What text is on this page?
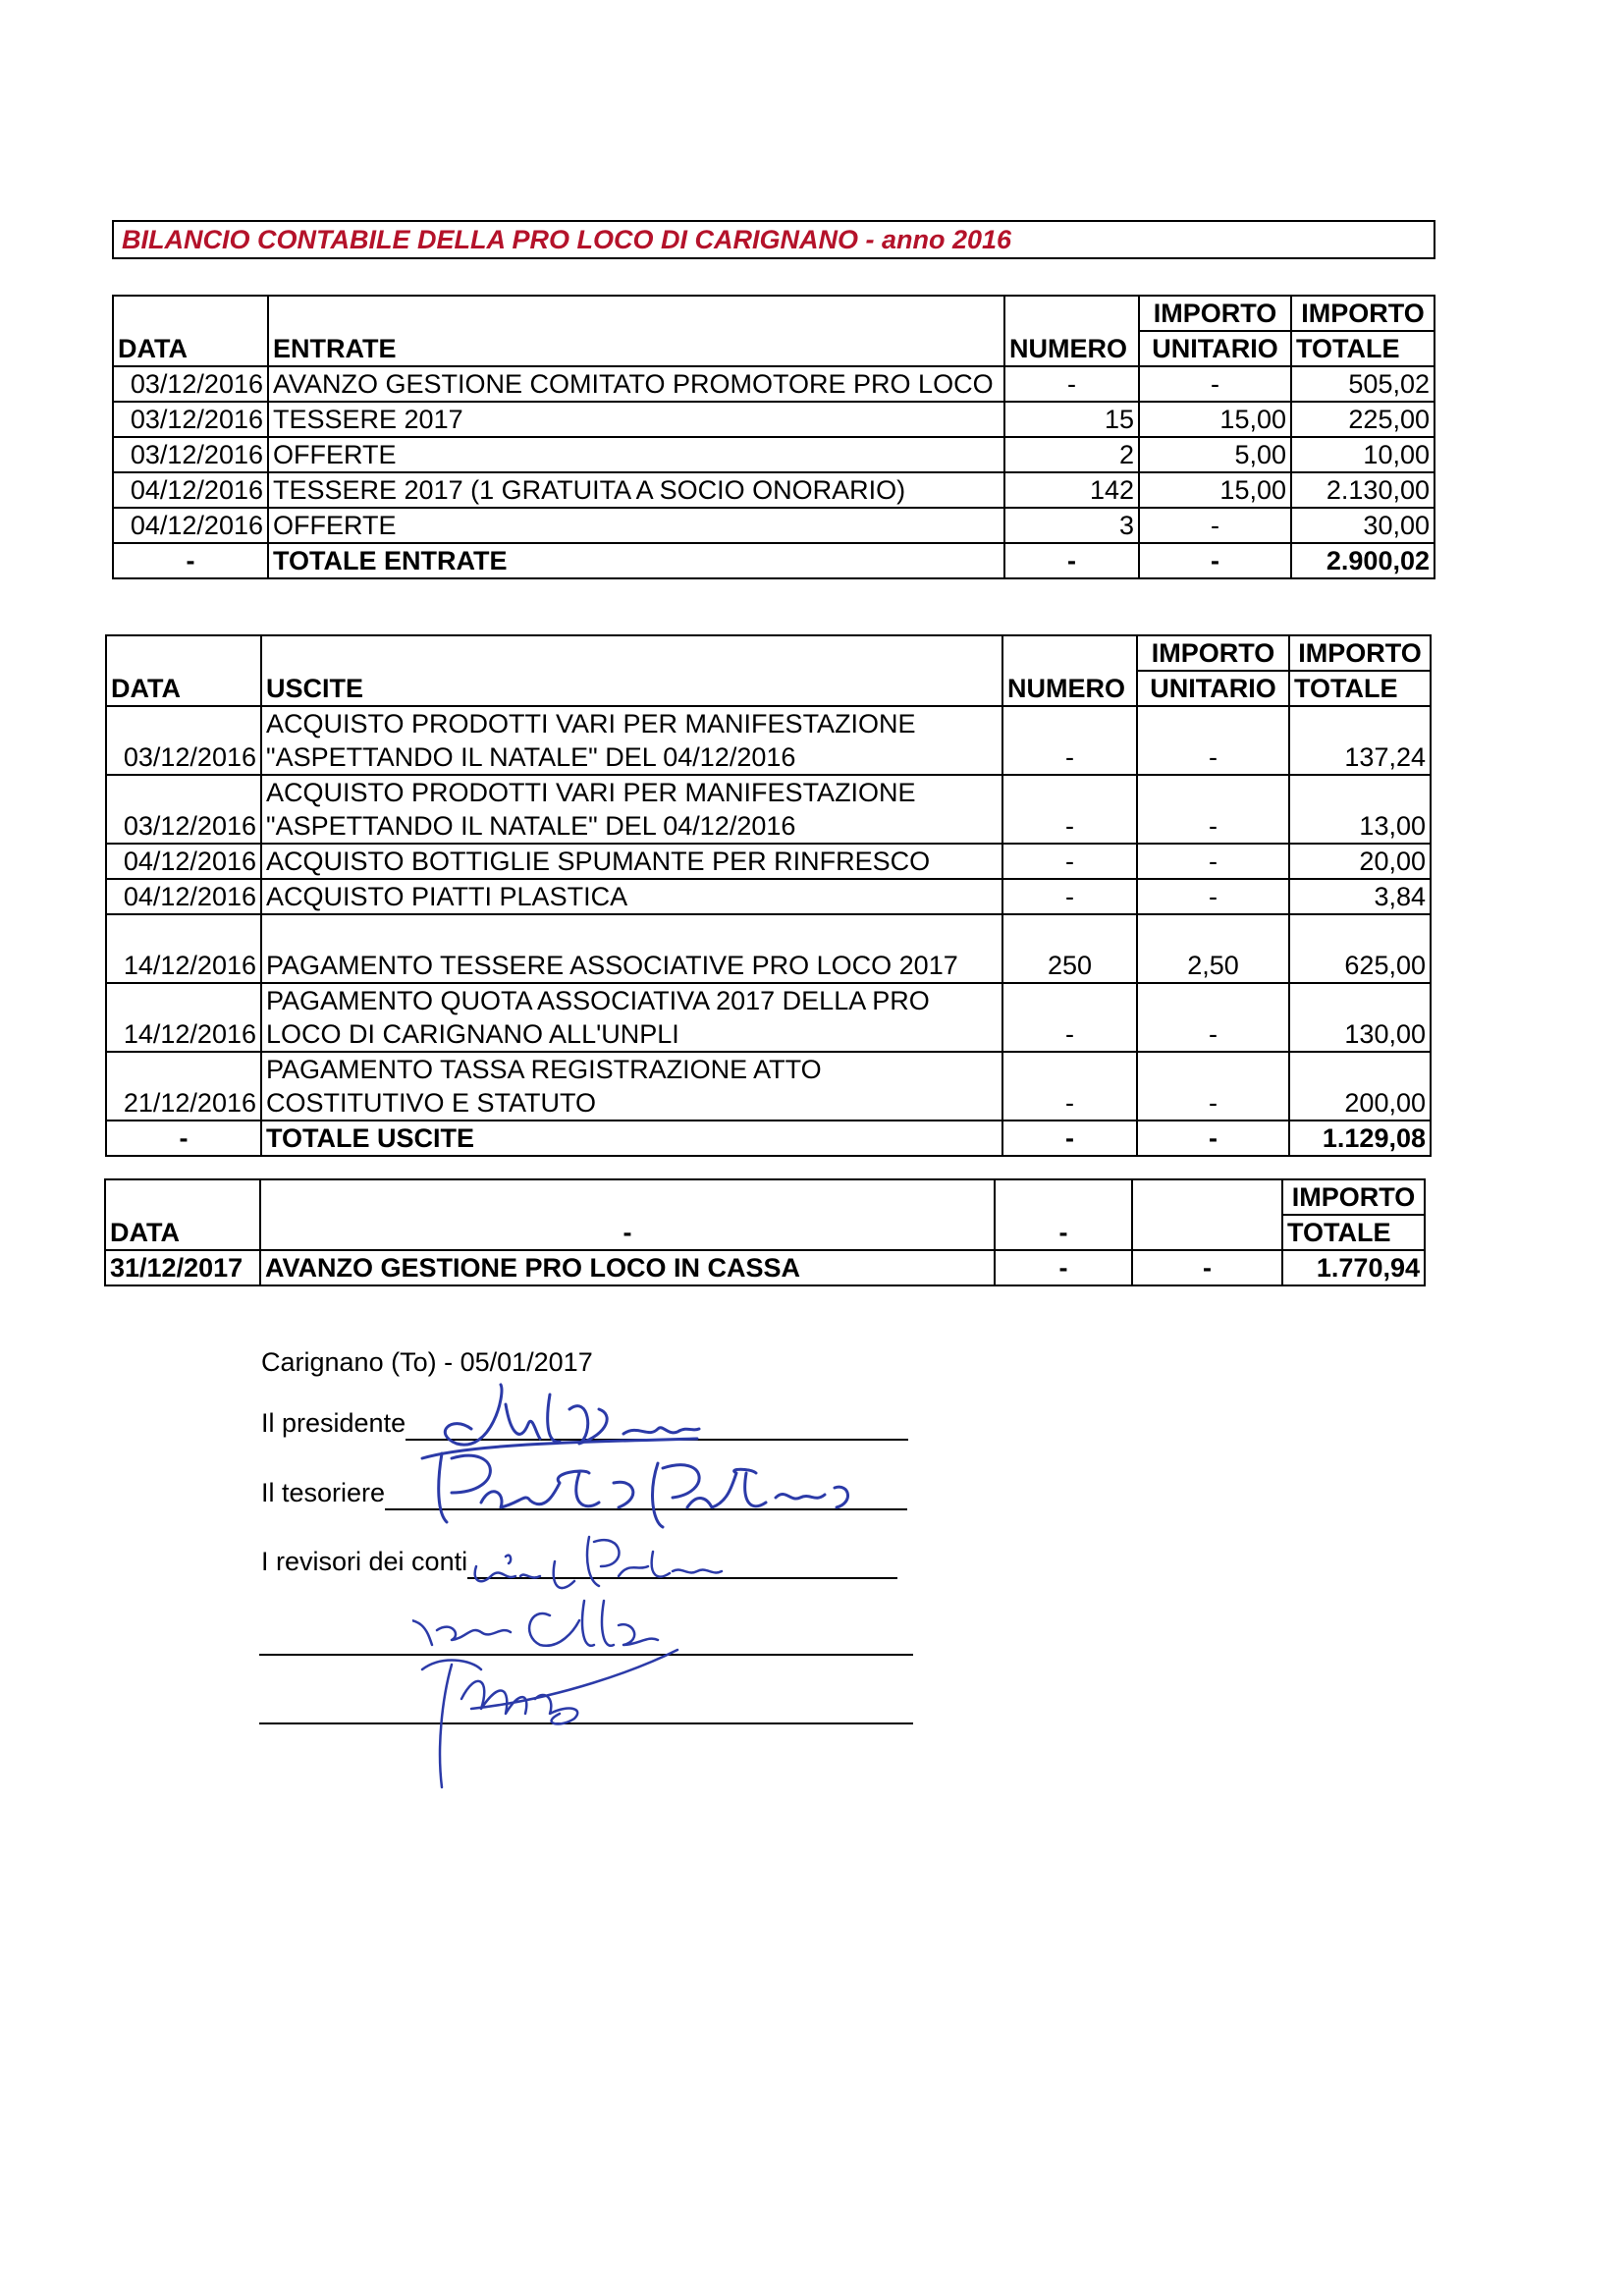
BILANCIO CONTABILE DELLA PRO LOCO DI CARIGNANO - anno 2016
DATA	ENTRATE	NUMERO	IMPORTO	IMPORTO
			UNITARIO	TOTALE
03/12/2016	AVANZO GESTIONE COMITATO PROMOTORE PRO LOCO	-	-	505,02
03/12/2016	TESSERE 2017	15	15,00	225,00
03/12/2016	OFFERTE	2	5,00	10,00
04/12/2016	TESSERE 2017 (1 GRATUITA A SOCIO ONORARIO)	142	15,00	2.130,00
04/12/2016	OFFERTE	3	-	30,00
-	TOTALE ENTRATE	-	-	2.900,02
DATA	USCITE	NUMERO	IMPORTO	IMPORTO
			UNITARIO	TOTALE
03/12/2016	ACQUISTO PRODOTTI VARI PER MANIFESTAZIONE "ASPETTANDO IL NATALE" DEL 04/12/2016	-	-	137,24
03/12/2016	ACQUISTO PRODOTTI VARI PER MANIFESTAZIONE "ASPETTANDO IL NATALE" DEL 04/12/2016	-	-	13,00
04/12/2016	ACQUISTO BOTTIGLIE SPUMANTE PER RINFRESCO	-	-	20,00
04/12/2016	ACQUISTO PIATTI PLASTICA	-	-	3,84
14/12/2016	PAGAMENTO TESSERE ASSOCIATIVE PRO LOCO 2017	250	2,50	625,00
14/12/2016	PAGAMENTO QUOTA ASSOCIATIVA 2017 DELLA PRO LOCO DI CARIGNANO ALL'UNPLI	-	-	130,00
21/12/2016	PAGAMENTO TASSA REGISTRAZIONE ATTO COSTITUTIVO E STATUTO	-	-	200,00
-	TOTALE USCITE	-	-	1.129,08
DATA	-	-		IMPORTO
				TOTALE
31/12/2017	AVANZO GESTIONE PRO LOCO IN CASSA	-	-	1.770,94
Carignano (To) - 05/01/2017
Il presidente
Il tesoriere
I revisori dei conti
